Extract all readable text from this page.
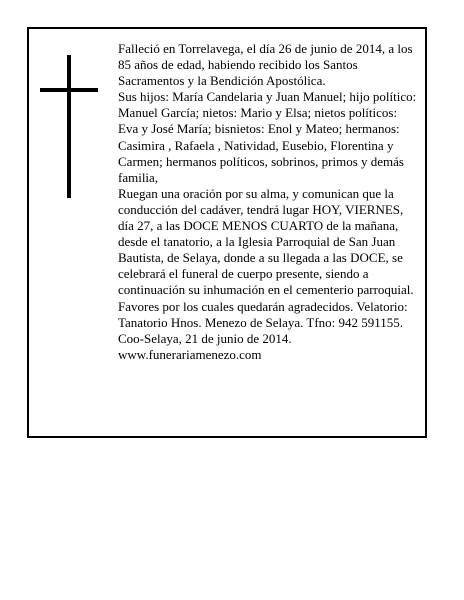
Falleció en Torrelavega, el día 26 de junio de 2014, a los 85 años de edad, habiendo recibido los Santos Sacramentos y la Bendición Apostólica.

Sus hijos: María Candelaria y Juan Manuel; hijo político: Manuel García; nietos: Mario y Elsa; nietos políticos: Eva y José María; bisnietos: Enol y Mateo; hermanos: Casimira , Rafaela , Natividad, Eusebio, Florentina y Carmen; hermanos políticos, sobrinos, primos y demás familia,

Ruegan una oración por su alma, y comunican que la conducción del cadáver, tendrá lugar HOY, VIERNES, día 27, a las DOCE MENOS CUARTO de la mañana, desde el tanatorio, a la Iglesia Parroquial de San Juan Bautista, de Selaya, donde a su llegada a las DOCE, se celebrará el funeral de cuerpo presente, siendo a continuación su inhumación en el cementerio parroquial. Favores por los cuales quedarán agradecidos. Velatorio: Tanatorio Hnos. Menezo de Selaya. Tfno: 942 591155.

Coo-Selaya, 21 de junio de 2014.

www.funerariamenezo.com
